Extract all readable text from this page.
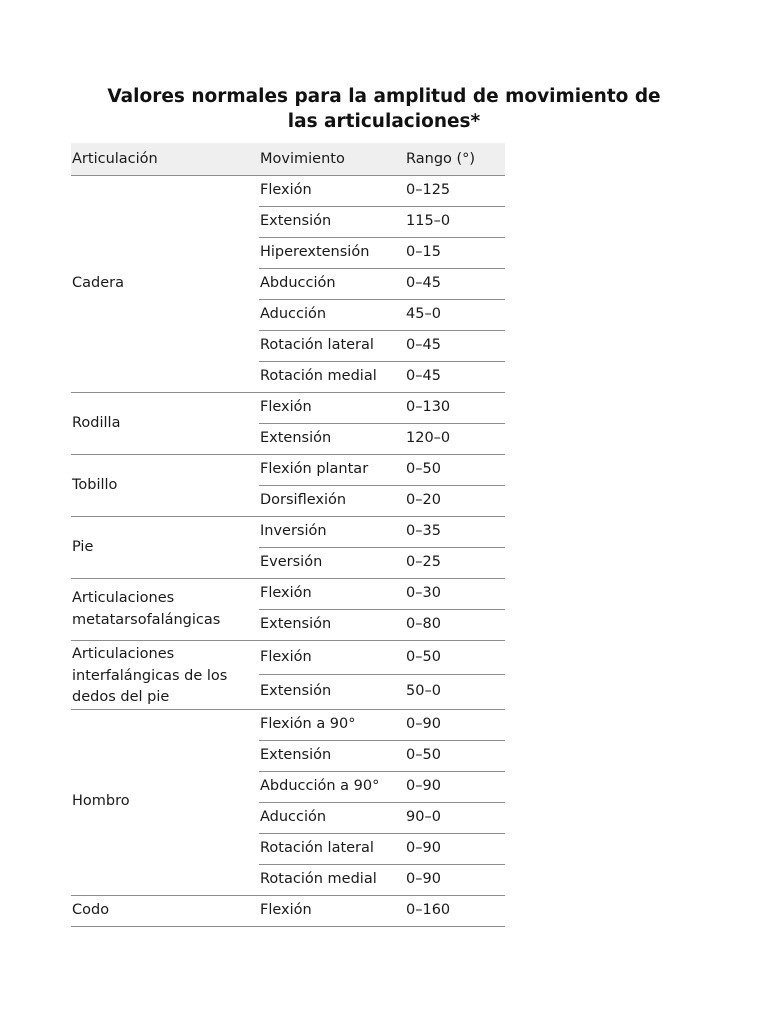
Valores normales para la amplitud de movimiento de las articulaciones*
Articulación	Movimiento	Rango (°)
Cadera	Flexión	0–125
	Extensión	115–0
	Hiperextensión	0–15
	Abducción	0–45
	Aducción	45–0
	Rotación lateral	0–45
	Rotación medial	0–45
Rodilla	Flexión	0–130
	Extensión	120–0
Tobillo	Flexión plantar	0–50
	Dorsiflexión	0–20
Pie	Inversión	0–35
	Eversión	0–25
Articulaciones metatarsofalángicas	Flexión	0–30
	Extensión	0–80
Articulaciones interfalángicas de los dedos del pie	Flexión	0–50
	Extensión	50–0
Hombro	Flexión a 90°	0–90
	Extensión	0–50
	Abducción a 90°	0–90
	Aducción	90–0
	Rotación lateral	0–90
	Rotación medial	0–90
Codo	Flexión	0–160
